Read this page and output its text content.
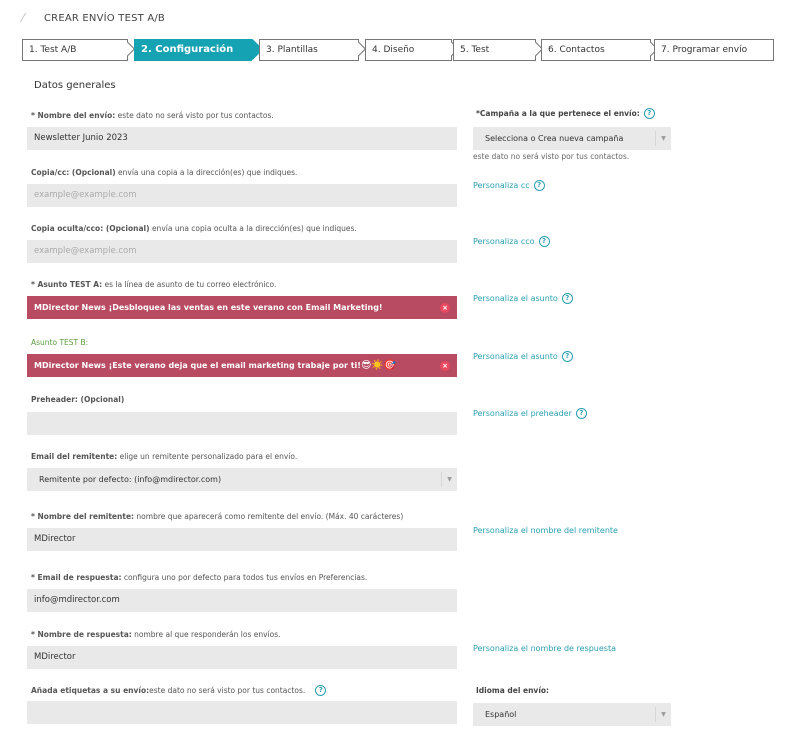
⁄	CREAR ENVÍO TEST A/B
1. Test A/B	2. Configuración	3. Plantillas	4. Diseño	5. Test	6. Contactos	7. Programar envío
Datos generales
* Nombre del envío: este dato no será visto por tus contactos.
Newsletter Junio 2023
*Campaña a la que pertenece el envío:	?
Selecciona o Crea nueva campaña	▼
este dato no será visto por tus contactos.
Copia/cc: (Opcional) envía una copia a la dirección(es) que indiques.
example@example.com
Personaliza cc	?
Copia oculta/cco: (Opcional) envía una copia oculta a la dirección(es) que indiques.
example@example.com
Personaliza cco	?
* Asunto TEST A: es la línea de asunto de tu correo electrónico.
MDirector News ¡Desbloquea las ventas en este verano con Email Marketing!	×
Personaliza el asunto	?
Asunto TEST B:
MDirector News ¡Este verano deja que el email marketing trabaje por ti!😎☀️🎯	×
Personaliza el asunto	?
Preheader: (Opcional)
Personaliza el preheader	?
Email del remitente: elige un remitente personalizado para el envío.
Remitente por defecto: (info@mdirector.com)	▼
* Nombre del remitente: nombre que aparecerá como remitente del envío. (Máx. 40 carácteres)
MDirector
Personaliza el nombre del remitente
* Email de respuesta: configura uno por defecto para todos tus envíos en Preferencias.
info@mdirector.com
* Nombre de respuesta: nombre al que responderán los envíos.
MDirector
Personaliza el nombre de respuesta
Añada etiquetas a su envío: este dato no será visto por tus contactos.	?	Idioma del envío:
Español	▼
